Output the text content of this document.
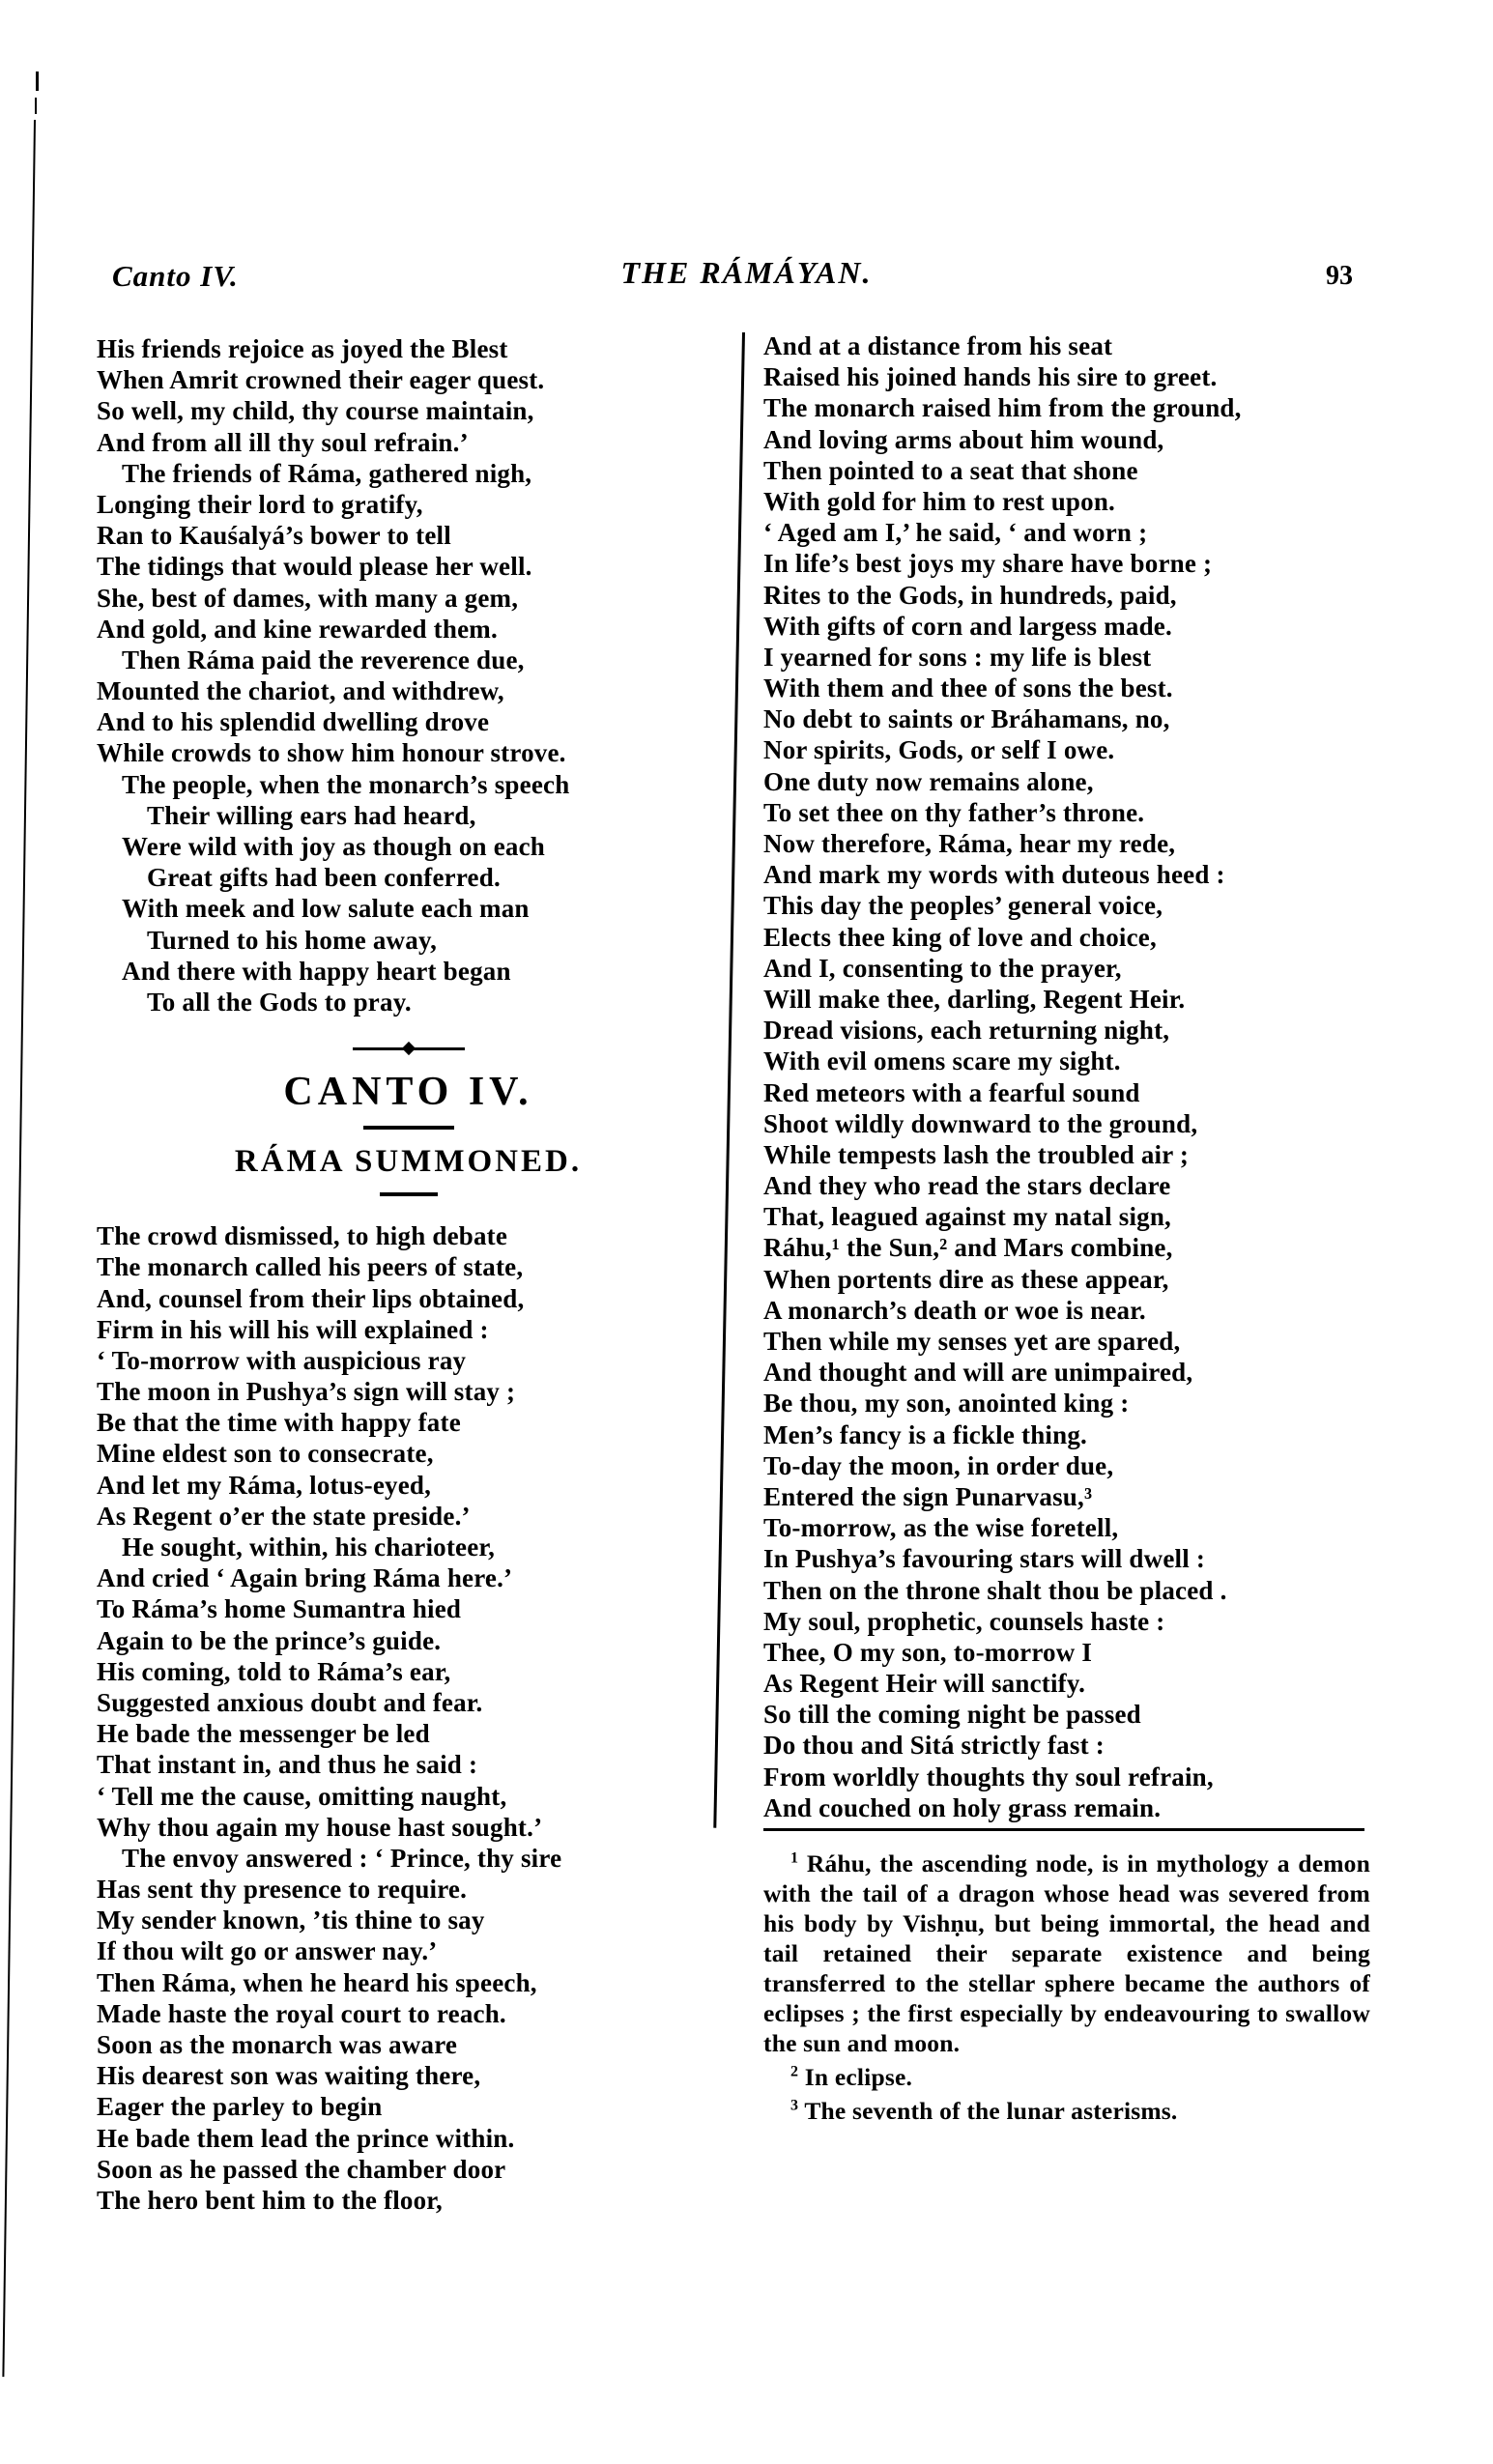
Canto IV.	THE RÁMÁYAN.	93
His friends rejoice as joyed the Blest
When Amrit crowned their eager quest.
So well, my child, thy course maintain,
And from all ill thy soul refrain.’
The friends of Ráma, gathered nigh,
Longing their lord to gratify,
Ran to Kauśalyá’s bower to tell
The tidings that would please her well.
She, best of dames, with many a gem,
And gold, and kine rewarded them.
Then Ráma paid the reverence due,
Mounted the chariot, and withdrew,
And to his splendid dwelling drove
While crowds to show him honour strove.
The people, when the monarch’s speech
Their willing ears had heard,
Were wild with joy as though on each
Great gifts had been conferred.
With meek and low salute each man
Turned to his home away,
And there with happy heart began
To all the Gods to pray.
CANTO IV.
RÁMA SUMMONED.
The crowd dismissed, to high debate
The monarch called his peers of state,
And, counsel from their lips obtained,
Firm in his will his will explained :
‘ To-morrow with auspicious ray
The moon in Pushya’s sign will stay ;
Be that the time with happy fate
Mine eldest son to consecrate,
And let my Ráma, lotus-eyed,
As Regent o’er the state preside.’
He sought, within, his charioteer,
And cried ‘ Again bring Ráma here.’
To Ráma’s home Sumantra hied
Again to be the prince’s guide.
His coming, told to Ráma’s ear,
Suggested anxious doubt and fear.
He bade the messenger be led
That instant in, and thus he said :
‘ Tell me the cause, omitting naught,
Why thou again my house hast sought.’
The envoy answered : ‘ Prince, thy sire
Has sent thy presence to require.
My sender known, ’tis thine to say
If thou wilt go or answer nay.’
Then Ráma, when he heard his speech,
Made haste the royal court to reach.
Soon as the monarch was aware
His dearest son was waiting there,
Eager the parley to begin
He bade them lead the prince within.
Soon as he passed the chamber door
The hero bent him to the floor,
And at a distance from his seat
Raised his joined hands his sire to greet.
The monarch raised him from the ground,
And loving arms about him wound,
Then pointed to a seat that shone
With gold for him to rest upon.
‘ Aged am I,’ he said, ‘ and worn ;
In life’s best joys my share have borne ;
Rites to the Gods, in hundreds, paid,
With gifts of corn and largess made.
I yearned for sons : my life is blest
With them and thee of sons the best.
No debt to saints or Bráhamans, no,
Nor spirits, Gods, or self I owe.
One duty now remains alone,
To set thee on thy father’s throne.
Now therefore, Ráma, hear my rede,
And mark my words with duteous heed :
This day the peoples’ general voice,
Elects thee king of love and choice,
And I, consenting to the prayer,
Will make thee, darling, Regent Heir.
Dread visions, each returning night,
With evil omens scare my sight.
Red meteors with a fearful sound
Shoot wildly downward to the ground,
While tempests lash the troubled air ;
And they who read the stars declare
That, leagued against my natal sign,
Ráhu,¹ the Sun,² and Mars combine,
When portents dire as these appear,
A monarch’s death or woe is near.
Then while my senses yet are spared,
And thought and will are unimpaired,
Be thou, my son, anointed king :
Men’s fancy is a fickle thing.
To-day the moon, in order due,
Entered the sign Punarvasu,³
To-morrow, as the wise foretell,
In Pushya’s favouring stars will dwell :
Then on the throne shalt thou be placed .
My soul, prophetic, counsels haste :
Thee, O my son, to-morrow I
As Regent Heir will sanctify.
So till the coming night be passed
Do thou and Sitá strictly fast :
From worldly thoughts thy soul refrain,
And couched on holy grass remain.

$^1$ Ráhu, the ascending node, is in mythology a demon with the tail of a dragon whose head was severed from his body by Vishṇu, but being immortal, the head and tail retained their separate existence and being transferred to the stellar sphere became the authors of eclipses ; the first especially by endeavouring to swallow the sun and moon.

$^2$ In eclipse.

$^3$ The seventh of the lunar asterisms.
